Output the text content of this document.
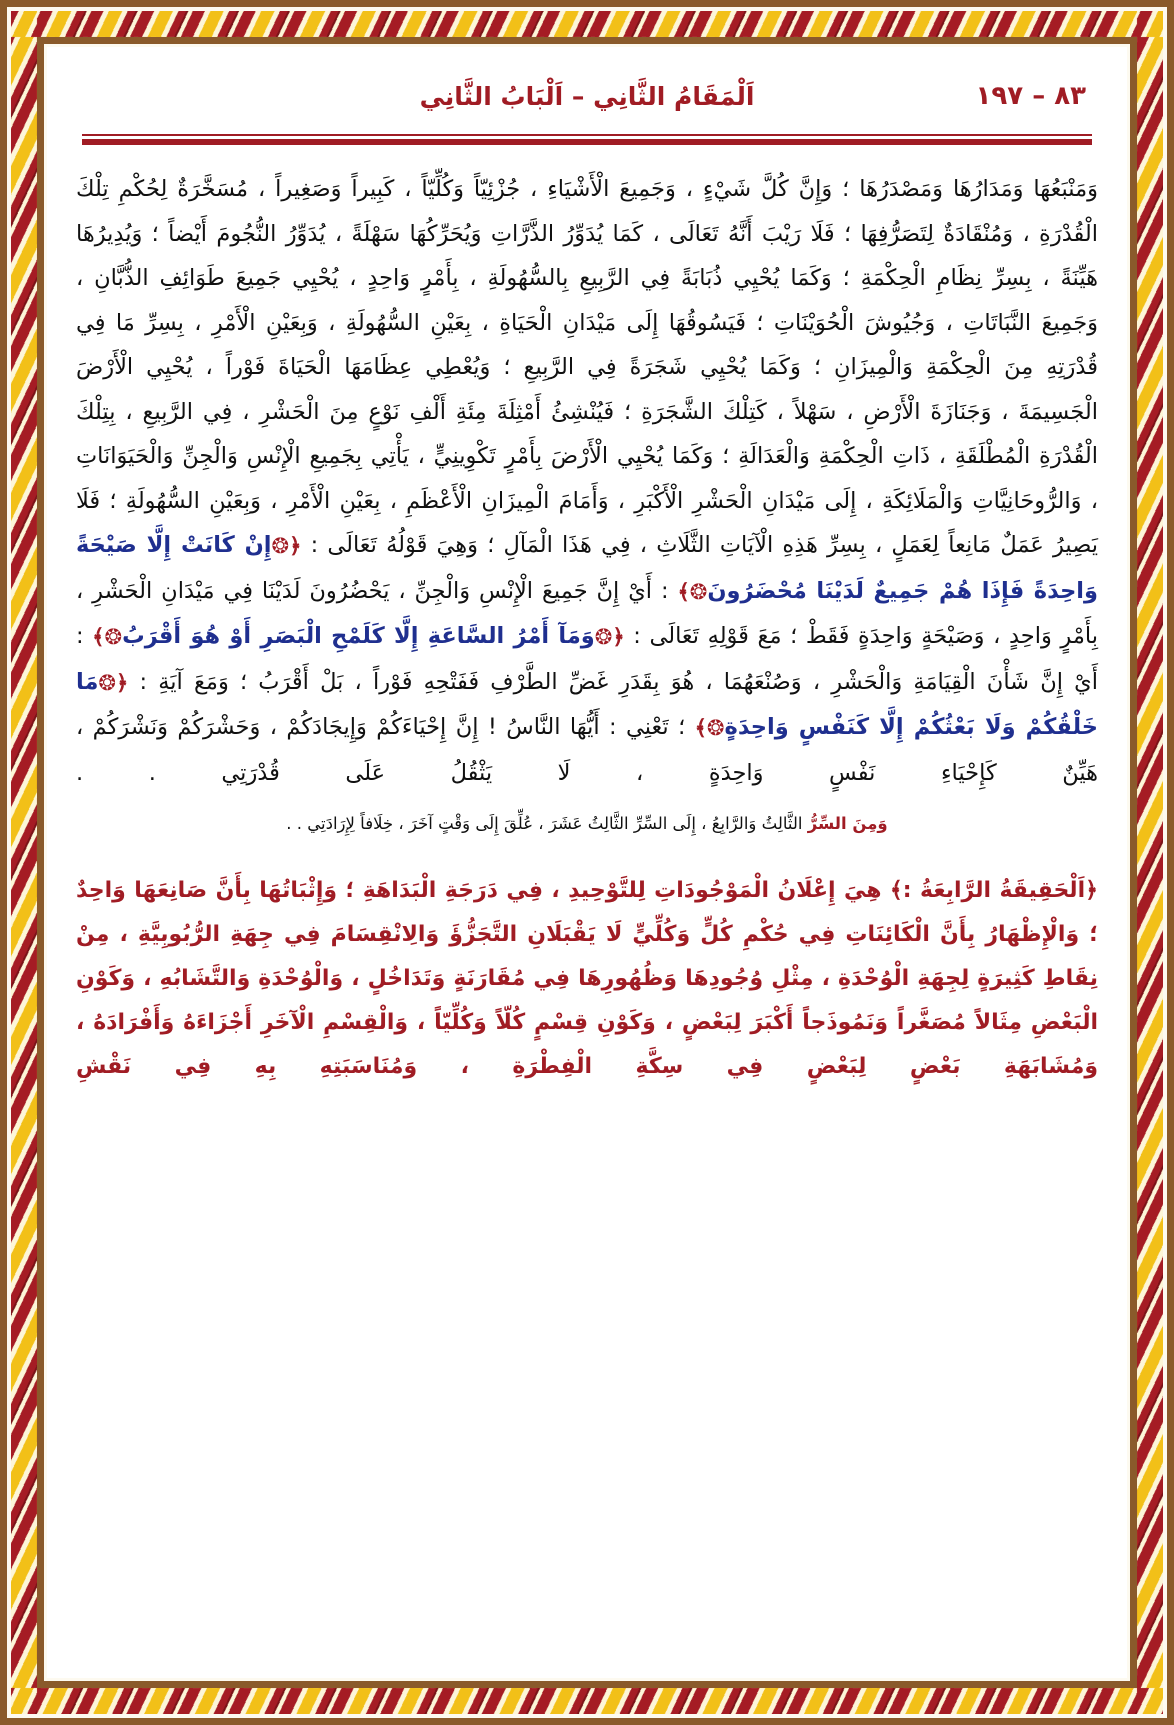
اَلْمَقَامُ الثَّانِي – اَلْبَابُ الثَّانِي	٨٣ – ١٩٧
وَمَنْبَعُهَا وَمَدَارُهَا وَمَصْدَرُهَا ؛ وَإِنَّ كُلَّ شَيْءٍ ، وَجَمِيعَ الْأَشْيَاءِ ، جُزْئِيّاً وَكُلِّيّاً ، كَبِيراً وَصَغِيراً ، مُسَخَّرَةٌ لِحُكْمِ تِلْكَ الْقُدْرَةِ ، وَمُنْقَادَةٌ لِتَصَرُّفِهَا ؛ فَلَا رَيْبَ أَنَّهُ تَعَالَى ، كَمَا يُدَوِّرُ الذَّرَّاتِ وَيُحَرِّكُهَا سَهْلَةً ، يُدَوِّرُ النُّجُومَ أَيْضاً ؛ وَيُدِيرُهَا هَيِّنَةً ، بِسِرِّ نِظَامِ الْحِكْمَةِ ؛ وَكَمَا يُحْيِي ذُبَابَةً فِي الرَّبِيعِ بِالسُّهُولَةِ ، بِأَمْرٍ وَاحِدٍ ، يُحْيِي جَمِيعَ طَوَائِفِ الذُّبَّانِ ، وَجَمِيعَ النَّبَاتَاتِ ، وَجُيُوشَ الْحُوَيْنَاتِ ؛ فَيَسُوقُهَا إِلَى مَيْدَانِ الْحَيَاةِ ، بِعَيْنِ السُّهُولَةِ ، وَبِعَيْنِ الْأَمْرِ ، بِسِرِّ مَا فِي قُدْرَتِهِ مِنَ الْحِكْمَةِ وَالْمِيزَانِ ؛ وَكَمَا يُحْيِي شَجَرَةً فِي الرَّبِيعِ ؛ وَيُعْطِي عِظَامَهَا الْحَيَاةَ فَوْراً ، يُحْيِي الْأَرْضَ الْجَسِيمَةَ ، وَجَنَازَةَ الْأَرْضِ ، سَهْلاً ، كَتِلْكَ الشَّجَرَةِ ؛ فَيُنْشِئُ أَمْثِلَةَ مِئَةِ أَلْفِ نَوْعٍ مِنَ الْحَشْرِ ، فِي الرَّبِيعِ ، بِتِلْكَ الْقُدْرَةِ الْمُطْلَقَةِ ، ذَاتِ الْحِكْمَةِ وَالْعَدَالَةِ ؛ وَكَمَا يُحْيِي الْأَرْضَ بِأَمْرٍ تَكْوِينِيٍّ ، يَأْتِي بِجَمِيعِ الْإِنْسِ وَالْجِنِّ وَالْحَيَوَانَاتِ ، وَالرُّوحَانِيَّاتِ وَالْمَلَائِكَةِ ، إِلَى مَيْدَانِ الْحَشْرِ الْأَكْبَرِ ، وَأَمَامَ الْمِيزَانِ الْأَعْظَمِ ، بِعَيْنِ الْأَمْرِ ، وَبِعَيْنِ السُّهُولَةِ ؛ فَلَا يَصِيرُ عَمَلٌ مَانِعاً لِعَمَلٍ ، بِسِرِّ هَذِهِ الْآيَاتِ الثَّلَاثِ ، فِي هَذَا الْمَآلِ ؛ وَهِيَ قَوْلُهُ تَعَالَى : ﴿❂إِنْ كَانَتْ إِلَّا صَيْحَةً وَاحِدَةً فَإِذَا هُمْ جَمِيعٌ لَدَيْنَا مُحْضَرُونَ❂﴾ : أَيْ إِنَّ جَمِيعَ الْإِنْسِ وَالْجِنِّ ، يَحْضُرُونَ لَدَيْنَا فِي مَيْدَانِ الْحَشْرِ ، بِأَمْرٍ وَاحِدٍ ، وَصَيْحَةٍ وَاحِدَةٍ فَقَطْ ؛ مَعَ قَوْلِهِ تَعَالَى : ﴿❂وَمَآ أَمْرُ السَّاعَةِ إِلَّا كَلَمْحِ الْبَصَرِ أَوْ هُوَ أَقْرَبُ❂﴾ : أَيْ إِنَّ شَأْنَ الْقِيَامَةِ وَالْحَشْرِ ، وَصُنْعَهُمَا ، هُوَ بِقَدَرِ غَضِّ الطَّرْفِ فَفَتْحِهِ فَوْراً ، بَلْ أَقْرَبُ ؛ وَمَعَ آيَةِ : ﴿❂مَا خَلْقُكُمْ وَلَا بَعْثُكُمْ إِلَّا كَنَفْسٍ وَاحِدَةٍ❂﴾ ؛ تَعْنِي : أَيُّهَا النَّاسُ ! إِنَّ إِحْيَاءَكُمْ وَإِيجَادَكُمْ ، وَحَشْرَكُمْ وَنَشْرَكُمْ ، هَيِّنٌ كَإِحْيَاءِ نَفْسٍ وَاحِدَةٍ ، لَا يَثْقُلُ عَلَى قُدْرَتِي . .
وَمِنَ السِّرُّ الثَّالِثُ وَالرَّابِعُ ، إِلَى السِّرِّ الثَّالِثُ عَشَرَ ، عُلِّقَ إِلَى وَقْتٍ آخَرَ ، خِلَافاً لِإِرَادَتِي . .
﴿اَلْحَقِيقَةُ الرَّابِعَةُ :﴾ هِيَ إِعْلَانُ الْمَوْجُودَاتِ لِلتَّوْحِيدِ ، فِي دَرَجَةِ الْبَدَاهَةِ ؛ وَإِثْبَاتُهَا بِأَنَّ صَانِعَهَا وَاحِدٌ ؛ وَالْإِظْهَارُ بِأَنَّ الْكَائِنَاتِ فِي حُكْمِ كُلٍّ وَكُلِّيٍّ لَا يَقْبَلَانِ التَّجَزُّؤَ وَالِانْقِسَامَ فِي جِهَةِ الرُّبُوبِيَّةِ ، مِنْ نِقَاطِ كَثِيرَةٍ لِجِهَةِ الْوُحْدَةِ ، مِثْلِ وُجُودِهَا وَظُهُورِهَا فِي مُقَارَنَةٍ وَتَدَاخُلٍ ، وَالْوُحْدَةِ وَالتَّشَابُهِ ، وَكَوْنِ الْبَعْضِ مِثَالاً مُصَغَّراً وَنَمُوذَجاً أَكْبَرَ لِبَعْضٍ ، وَكَوْنِ قِسْمٍ كُلّاً وَكُلِّيّاً ، وَالْقِسْمِ الْآخَرِ أَجْزَاءَهُ وَأَفْرَادَهُ ، وَمُشَابَهَةِ بَعْضٍ لِبَعْضٍ فِي سِكَّةِ الْفِطْرَةِ ، وَمُنَاسَبَتِهِ بِهِ فِي نَقْشِ
